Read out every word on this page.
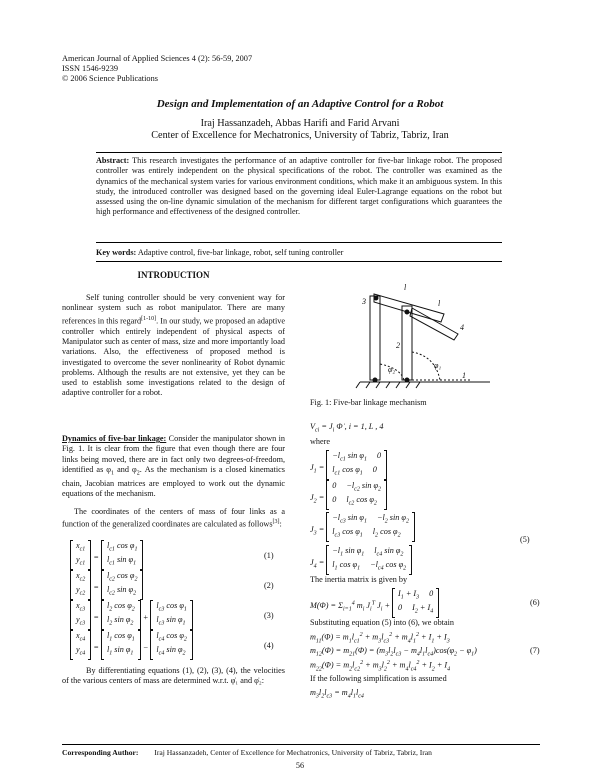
American Journal of Applied Sciences 4 (2): 56-59, 2007
ISSN 1546-9239
© 2006 Science Publications
Design and Implementation of an Adaptive Control for a Robot
Iraj Hassanzadeh, Abbas Harifi and Farid Arvani
Center of Excellence for Mechatronics, University of Tabriz, Tabriz, Iran
Abstract: This research investigates the performance of an adaptive controller for five-bar linkage robot. The proposed controller was entirely independent on the physical specifications of the robot. The controller was examined as the dynamics of the mechanical system varies for various environment conditions, which make it an ambiguous system. In this study, the introduced controller was designed based on the governing ideal Euler-Lagrange equations on the robot but assessed using the on-line dynamic simulation of the mechanism for different target configurations which guarantees the high performance and effectiveness of the designed controller.
Key words: Adaptive control, five-bar linkage, robot, self tuning controller
INTRODUCTION
Self tuning controller should be very convenient way for nonlinear system such as robot manipulator. There are many references in this regard[1-10]. In our study, we proposed an adaptive controller which entirely independent of physical aspects of Manipulator such as center of mass, size and more importantly load variations. Also, the effectiveness of proposed method is investigated to overcome the sever nonlinearity of Robot dynamic problems. Although the results are not extensive, yet they can be used to establish some investigations related to the design of adaptive controller for a robot.
Dynamics of five-bar linkage: Consider the manipulator shown in Fig. 1. It is clear from the figure that even though there are four links being moved, there are in fact only two degrees-of-freedom, identified as $\varphi_1$ and $\varphi_2$. As the mechanism is a closed kinematics chain, Jacobian matrices are employed to work out the dynamic equations of the mechanism.
The coordinates of the centers of mass of four links as a function of the generalized coordinates are calculated as follows[3]:
$x_{c1}$
$y_{c1}$
=
$l_{c1}$ $\cos \varphi_1$
$l_{c1}$ $\sin \varphi_1$
(1)
$x_{c2}$
$y_{c2}$
=
$l_{c2}$ $\cos \varphi_2$
$l_{c2}$ $\sin \varphi_2$
(2)
$x_{c3}$
$y_{c3}$
=
$l_2$ $\cos \varphi_2$
$l_2$ $\sin \varphi_2$
+
$l_{c3}$ $\cos \varphi_1$
$l_{c3}$ $\sin \varphi_1$
(3)
$x_{c4}$
$y_{c4}$
=
$l_1$ $\cos \varphi_1$
$l_1$ $\sin \varphi_1$
−
$l_{c4}$ $\cos \varphi_2$
$l_{c4}$ $\sin \varphi_2$
(4)
By differentiating equations (1), (2), (3), (4), the velocities of the various centers of mass are determined w.r.t. φ̇₁ and φ̇₂:
l
l
3
4
2
1
φ₁
φ₂
Fig. 1: Five-bar linkage mechanism
$V_{ci} = J_i$ Φ̇ , i = 1, L , 4
where
$J_1$ =
$-l_{c1}$ $\sin \varphi_1$ 0
$l_{c1}$ $\cos \varphi_1$ 0
$J_2$ =
$0 -l_{c2}$ $\sin \varphi_2$
0 $l_{c2}$ $\cos \varphi_2$
$J_3$ =
$-l_{c3}$ $\sin \varphi_1 -l_2$ $\sin \varphi_2$
$l_{c3}$ $\cos \varphi_1$ $l_2$ $\cos \varphi_2$	(5)
$J_4$ =
$-l_1$ $\sin \varphi_1$ $l_{c4}$ $\sin \varphi_2$
$l_1$ $\cos \varphi_1 -l_{c4}$ $\cos \varphi_2$
The inertia matrix is given by
$M(\Phi) = \Sigma_{i=1}^4$ $m_i$ $J_i^T$ $J_i$ +
$I_1 + I_3$ 0
0 $I_2 + I_4$
(6)
Substituting equation (5) into (6), we obtain
$m_{11}(\Phi) = m_1l_{c1}^2 + m_3l_{c3}^2 + m_4l_1^2 + I_1 + I_3$
$m_{12}(\Phi) = m_{21}(\Phi) = (m_3l_2l_{c3} - m_4l_1l_{c4})\cos(\varphi_2 - \varphi_1)$	(7)
$m_{22}(\Phi) = m_2l_{c2}^2 + m_3l_2^2 + m_4l_{c4}^2 + I_2 + I_4$
If the following simplification is assumed
$m_3l_2l_{c3} = m_4l_1l_{c4}$
Corresponding Author: Iraj Hassanzadeh, Center of Excellence for Mechatronics, University of Tabriz, Tabriz, Iran
56
